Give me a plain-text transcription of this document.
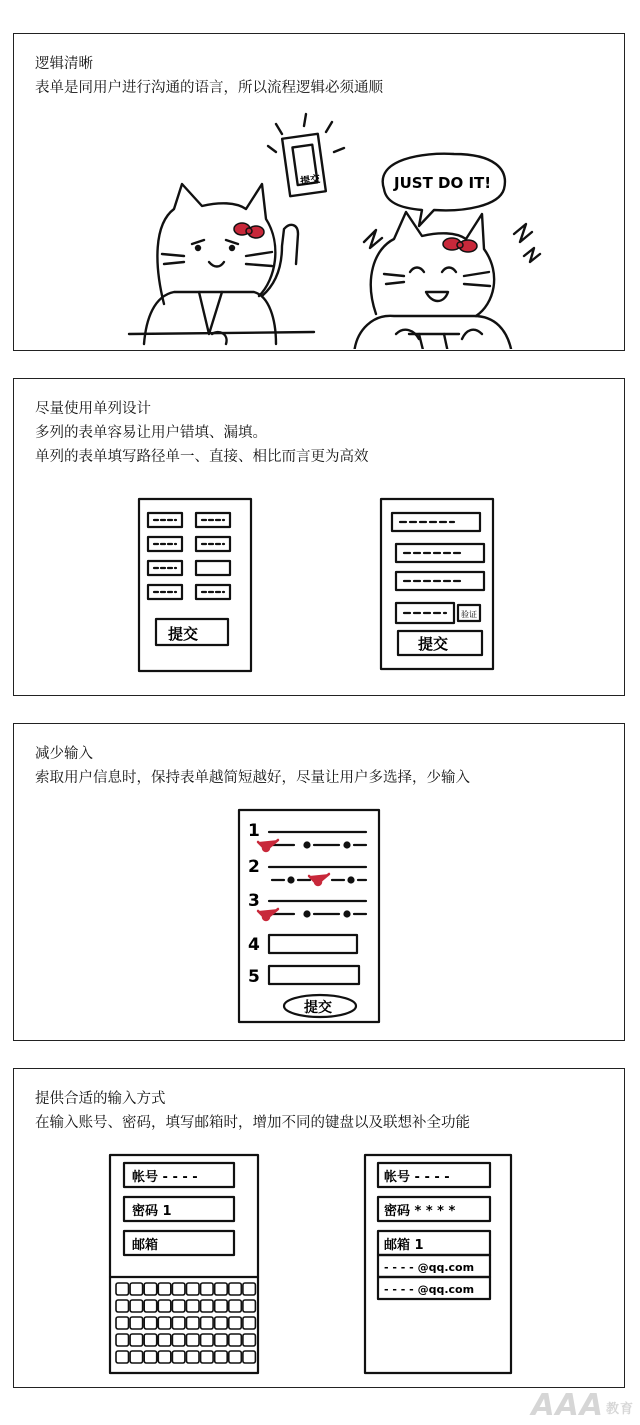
逻辑清晰
表单是同用户进行沟通的语言，所以流程逻辑必须通顺
JUST DO IT!
提交
尽量使用单列设计
多列的表单容易让用户错填、漏填。
单列的表单填写路径单一、直接、相比而言更为高效
提交
提交
验证
减少输入
索取用户信息时，保持表单越简短越好，尽量让用户多选择，少输入
1
2
3
4
5
提交
提供合适的输入方式
在输入账号、密码，填写邮箱时，增加不同的键盘以及联想补全功能
帐号 - - - -
密码 1
邮箱
帐号 - - - -
密码 * * * *
邮箱 1
- - - - @qq.com
- - - - @qq.com
AAA 教育
